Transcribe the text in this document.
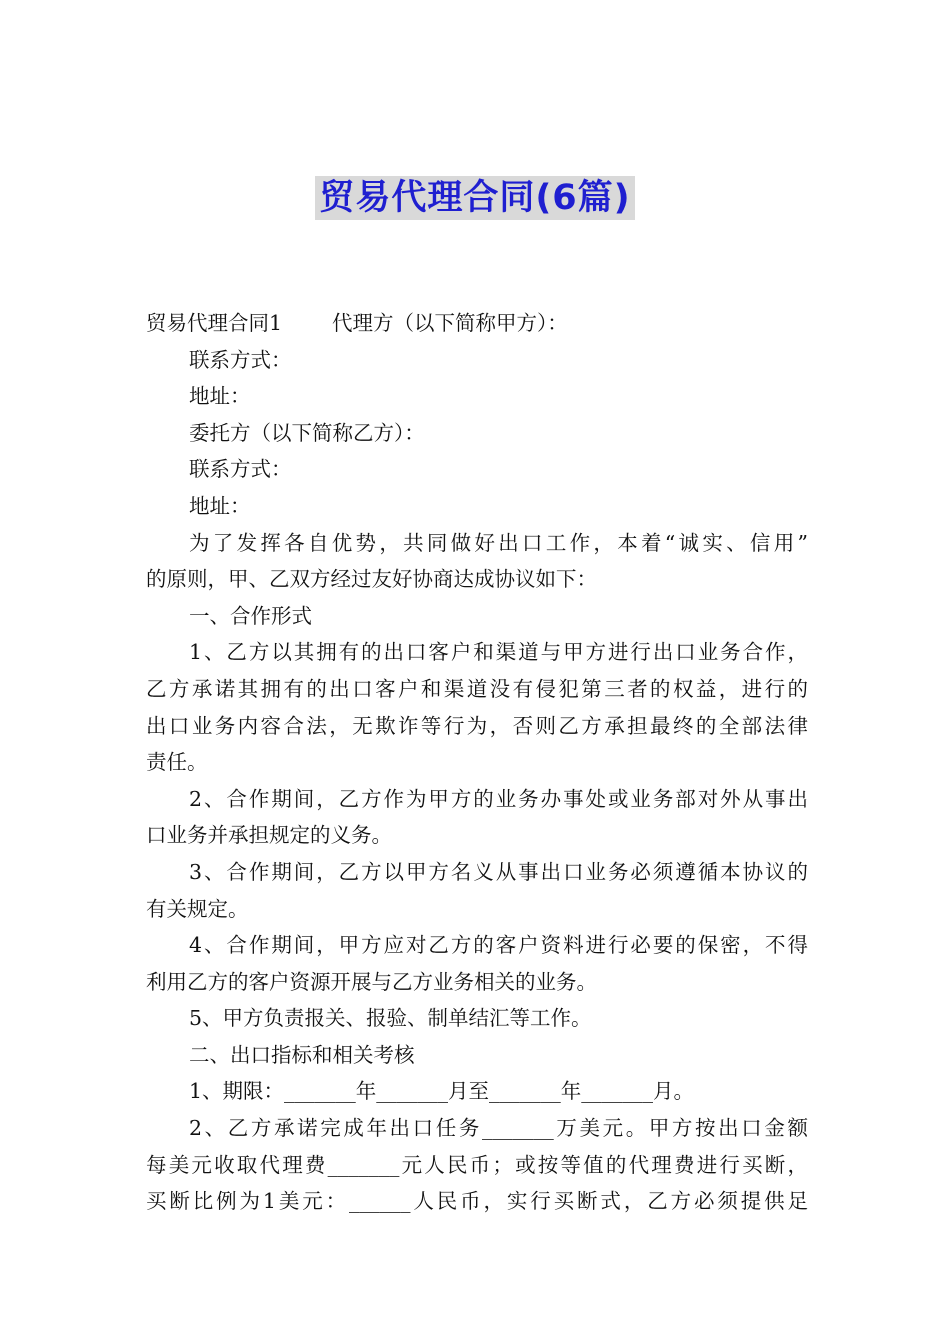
贸易代理合同(6篇)
贸易代理合同1 代理方（以下简称甲方）：
联系方式：
地址：
委托方（以下简称乙方）：
联系方式：
地址：
为了发挥各自优势，共同做好出口工作，本着“诚实、信用”
的原则，甲、乙双方经过友好协商达成协议如下：
一、合作形式
1、乙方以其拥有的出口客户和渠道与甲方进行出口业务合作，
乙方承诺其拥有的出口客户和渠道没有侵犯第三者的权益，进行的
出口业务内容合法，无欺诈等行为，否则乙方承担最终的全部法律
责任。
2、合作期间，乙方作为甲方的业务办事处或业务部对外从事出
口业务并承担规定的义务。
3、合作期间，乙方以甲方名义从事出口业务必须遵循本协议的
有关规定。
4、合作期间，甲方应对乙方的客户资料进行必要的保密，不得
利用乙方的客户资源开展与乙方业务相关的业务。
5、甲方负责报关、报验、制单结汇等工作。
二、出口指标和相关考核
1、期限：_______年_______月至_______年_______月。
2、乙方承诺完成年出口任务_______万美元。甲方按出口金额
每美元收取代理费_______元人民币；或按等值的代理费进行买断，
买断比例为1美元：______人民币，实行买断式，乙方必须提供足
